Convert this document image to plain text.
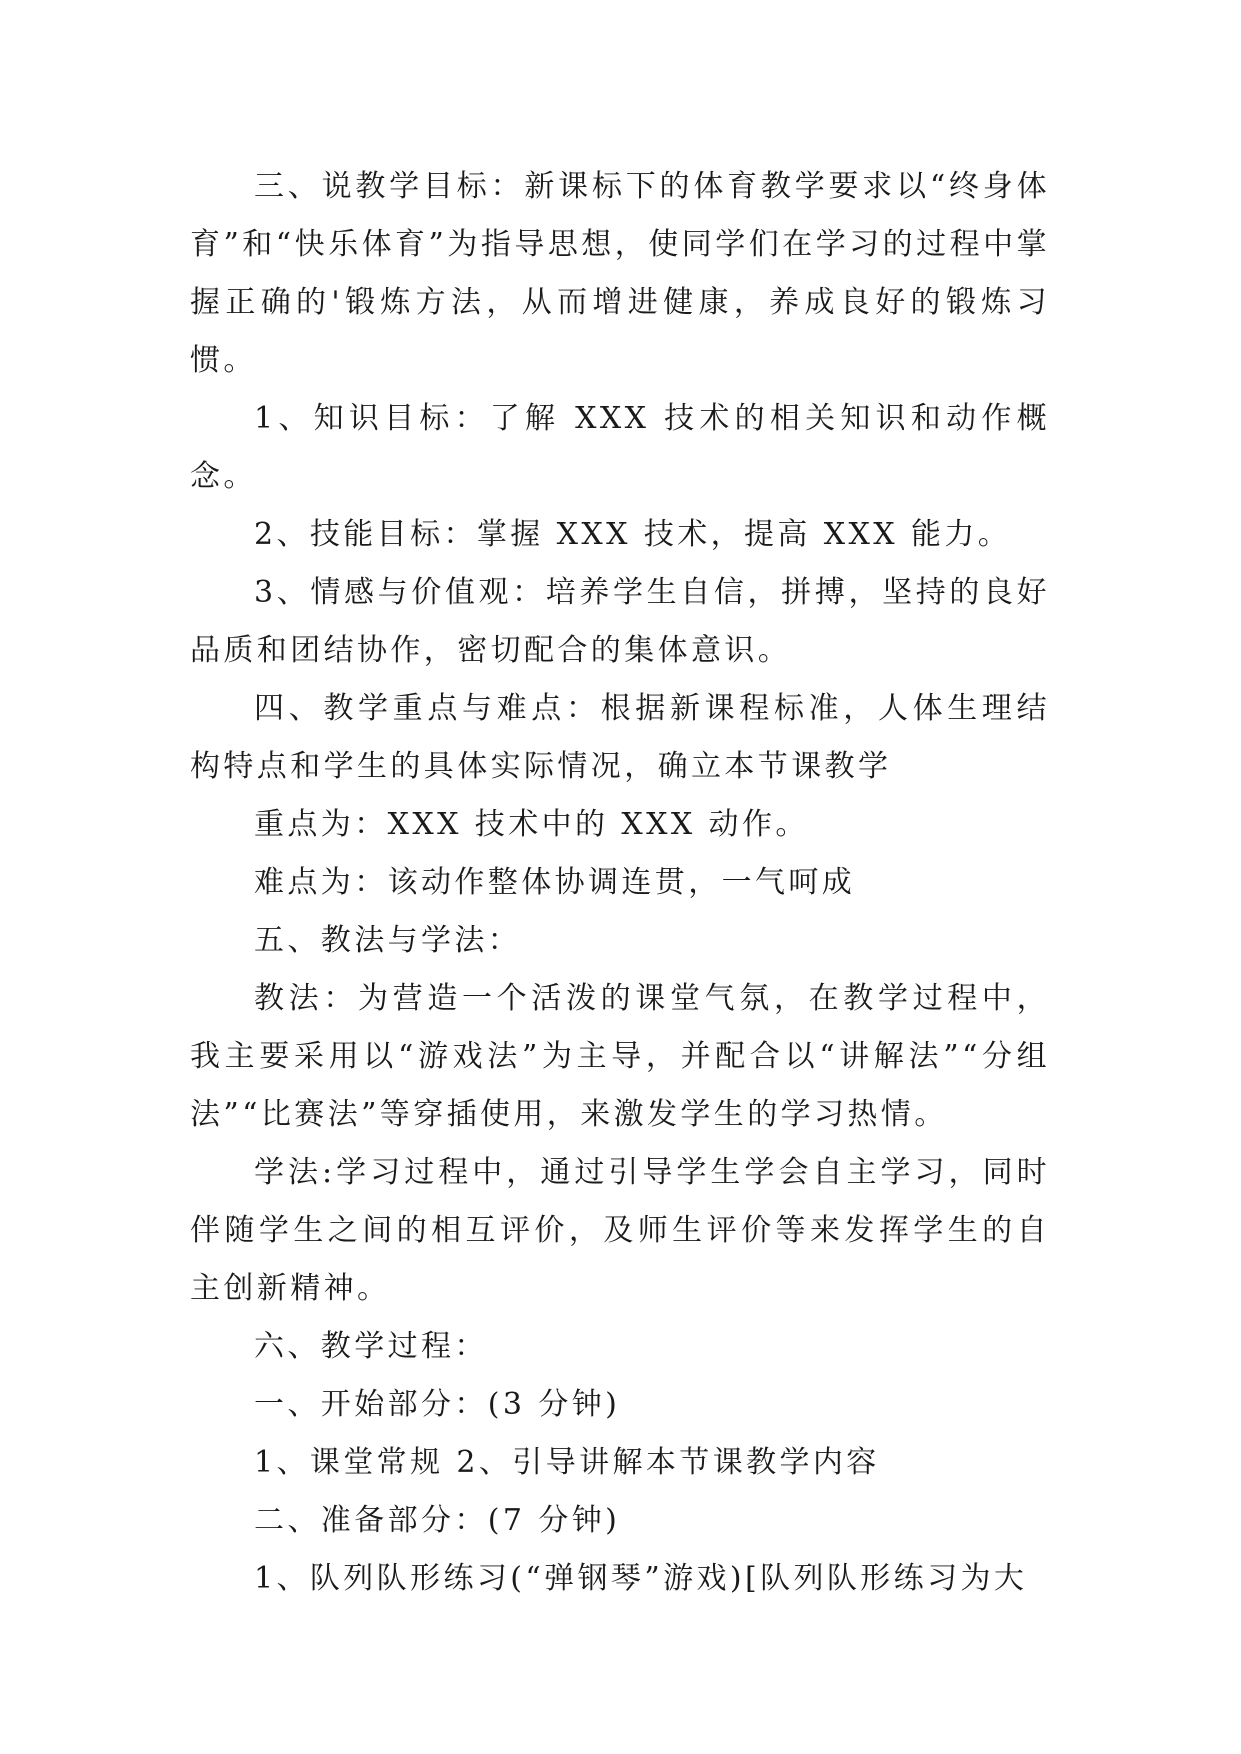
三、说教学目标：新课标下的体育教学要求以“终身体育”和“快乐体育”为指导思想，使同学们在学习的过程中掌握正确的'锻炼方法，从而增进健康，养成良好的锻炼习惯。

1、知识目标：了解 XXX 技术的相关知识和动作概念。

2、技能目标：掌握 XXX 技术，提高 XXX 能力。

3、情感与价值观：培养学生自信，拼搏，坚持的良好品质和团结协作，密切配合的集体意识。

四、教学重点与难点：根据新课程标准，人体生理结构特点和学生的具体实际情况，确立本节课教学

重点为：XXX 技术中的 XXX 动作。

难点为：该动作整体协调连贯，一气呵成

五、教法与学法：

教法：为营造一个活泼的课堂气氛，在教学过程中，我主要采用以“游戏法”为主导，并配合以“讲解法”“分组法”“比赛法”等穿插使用，来激发学生的学习热情。

学法:学习过程中，通过引导学生学会自主学习，同时伴随学生之间的相互评价，及师生评价等来发挥学生的自主创新精神。

六、教学过程：

一、开始部分：(3 分钟)

1、课堂常规 2、引导讲解本节课教学内容

二、准备部分：(7 分钟)

1、队列队形练习(“弹钢琴”游戏)[队列队形练习为大
